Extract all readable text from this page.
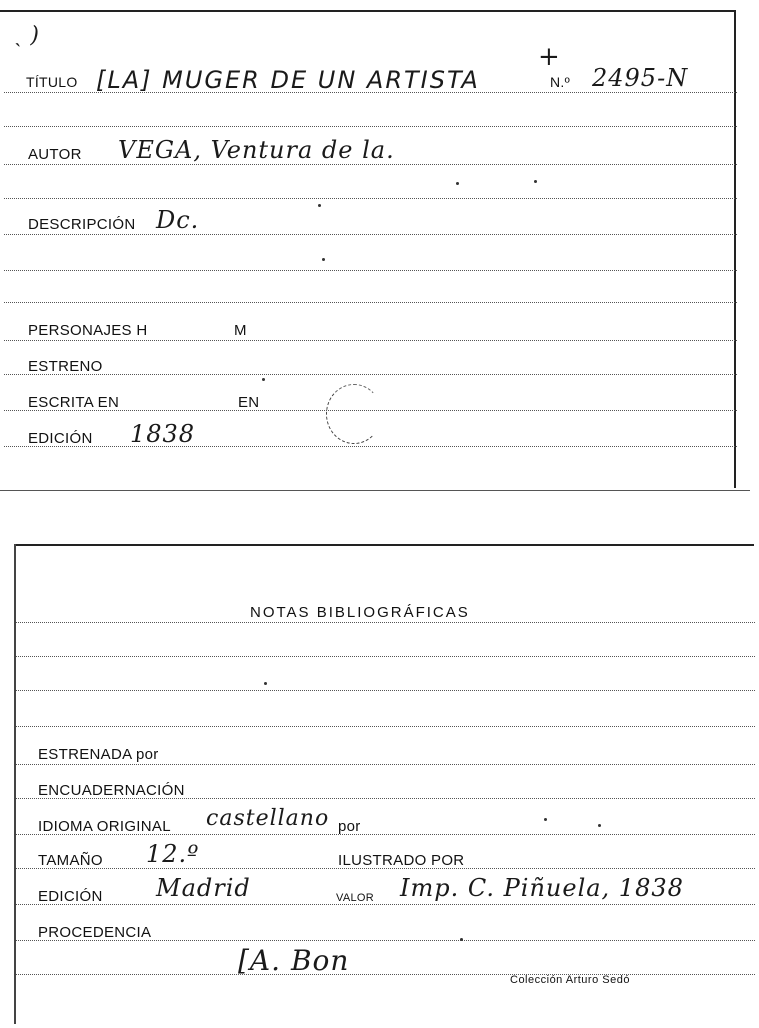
ˎ )
TÍTULO [LA] MUGER DE UN ARTISTA
+
N.º 2495-N
AUTOR VEGA, Ventura de la.
DESCRIPCIÓN Dc.
PERSONAJES H	M
ESTRENO
ESCRITA EN	EN
EDICIÓN 1838
NOTAS BIBLIOGRÁFICAS
ESTRENADA por
ENCUADERNACIÓN
IDIOMA ORIGINAL castellano por
TAMAÑO 12.º	ILUSTRADO POR
EDICIÓN Madrid	VALOR Imp. C. Piñuela, 1838
PROCEDENCIA
[A. Bon
Colección Arturo Sedó
